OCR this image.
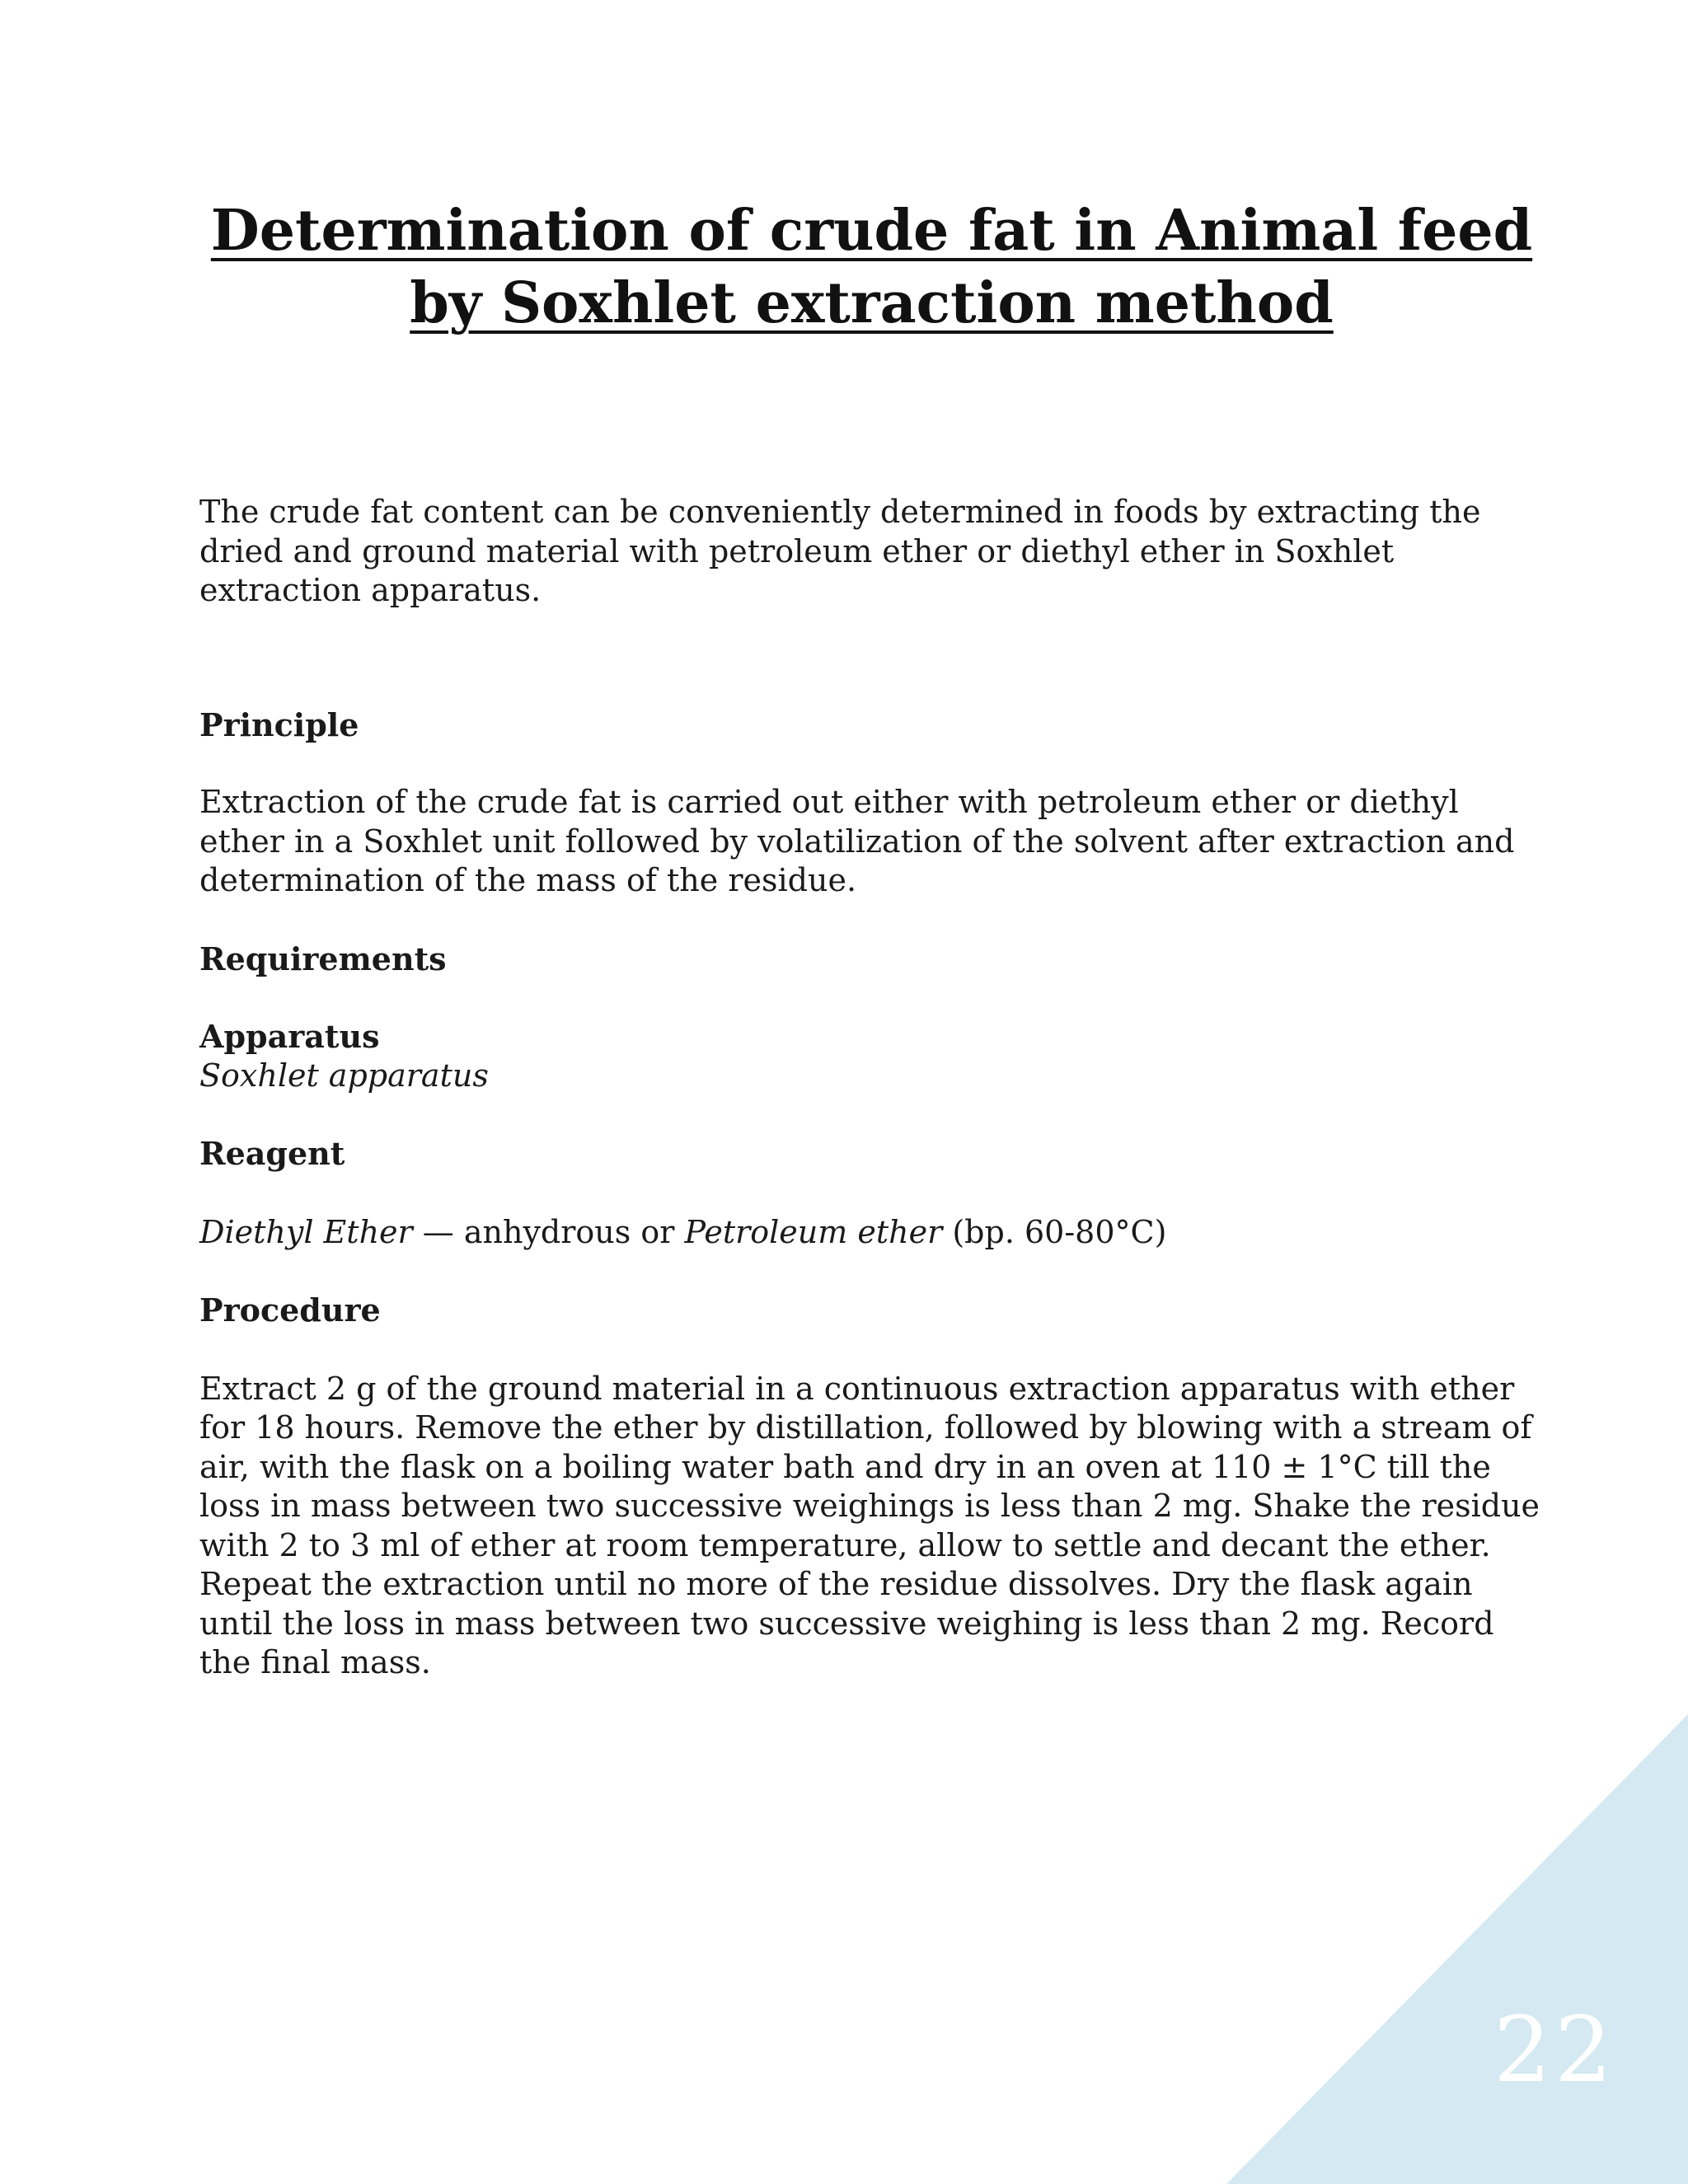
Determination of crude fat in Animal feed
by Soxhlet extraction method

The crude fat content can be conveniently determined in foods by extracting the dried and ground material with petroleum ether or diethyl ether in Soxhlet extraction apparatus.

Principle

Extraction of the crude fat is carried out either with petroleum ether or diethyl ether in a Soxhlet unit followed by volatilization of the solvent after extraction and determination of the mass of the residue.

Requirements

Apparatus

Soxhlet apparatus

Reagent

Diethyl Ether — anhydrous or Petroleum ether (bp. 60-80°C)

Procedure

Extract 2 g of the ground material in a continuous extraction apparatus with ether for 18 hours. Remove the ether by distillation, followed by blowing with a stream of air, with the flask on a boiling water bath and dry in an oven at 110 ± 1°C till the loss in mass between two successive weighings is less than 2 mg. Shake the residue with 2 to 3 ml of ether at room temperature, allow to settle and decant the ether. Repeat the extraction until no more of the residue dissolves. Dry the flask again until the loss in mass between two successive weighing is less than 2 mg. Record the final mass.

22
